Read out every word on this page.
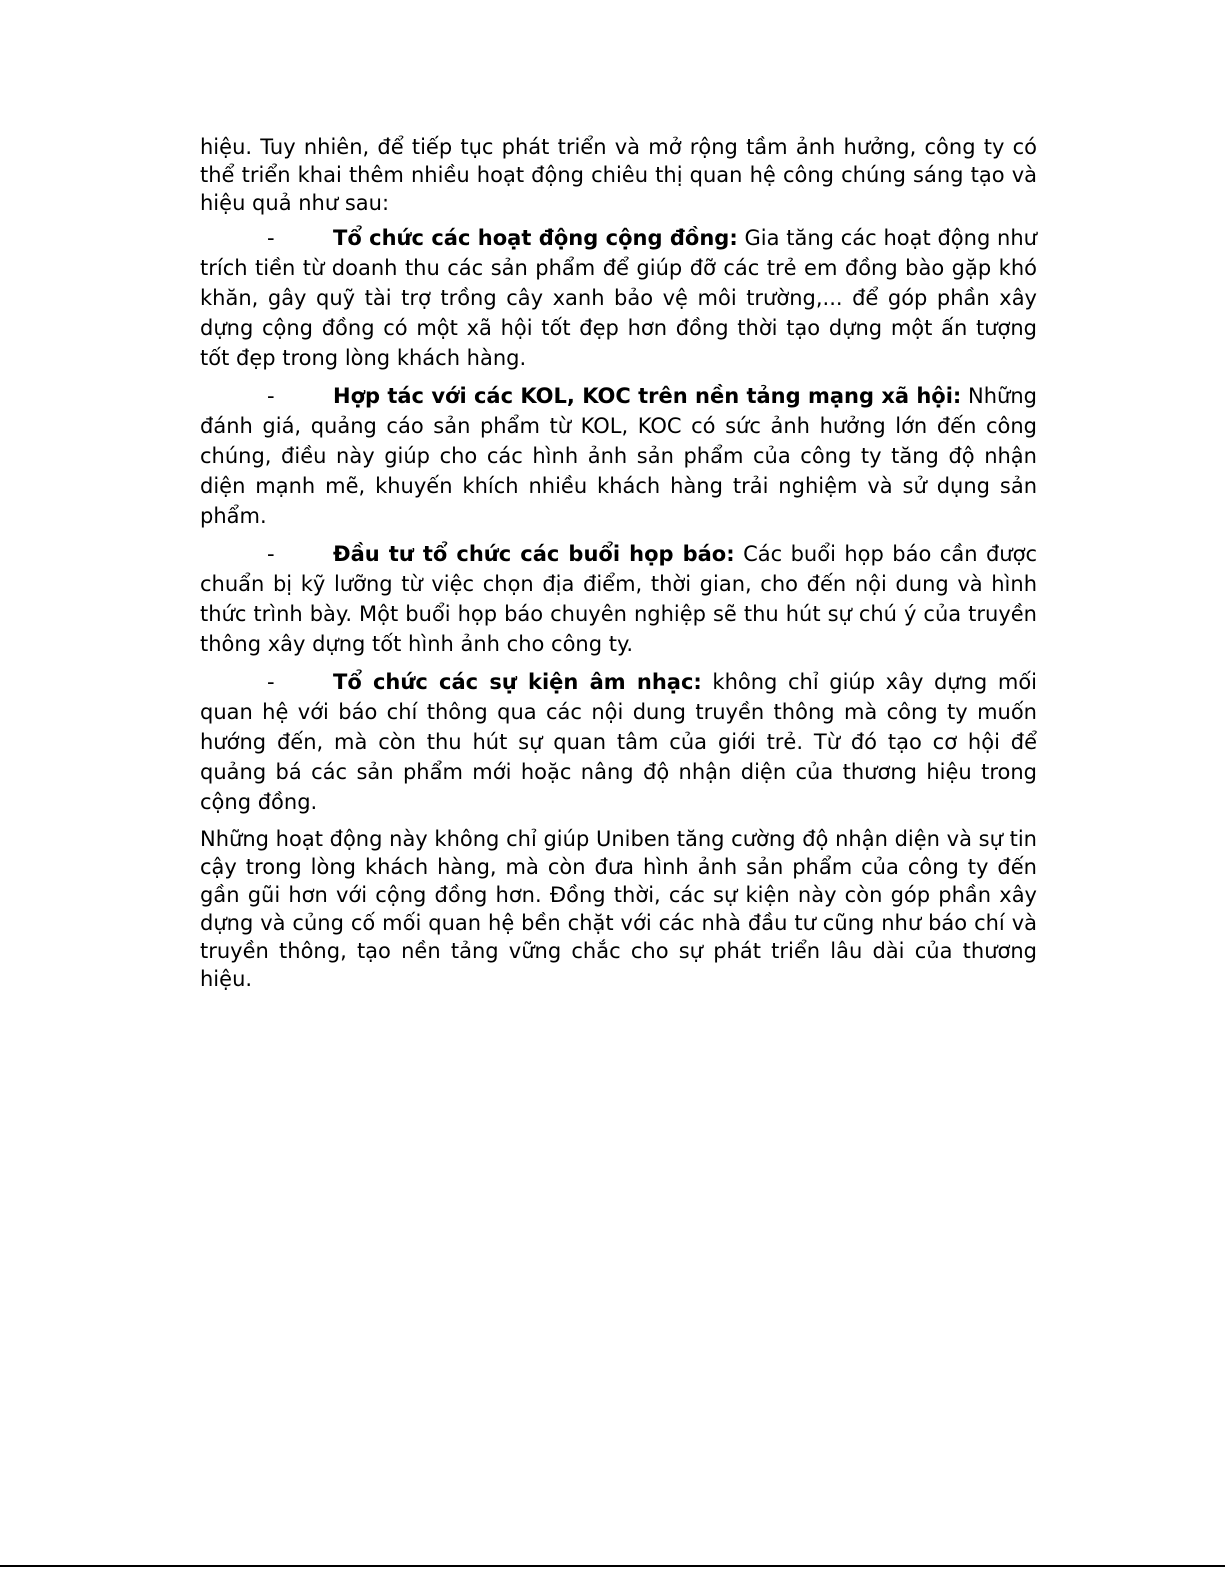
hiệu. Tuy nhiên, để tiếp tục phát triển và mở rộng tầm ảnh hưởng, công ty có thể triển khai thêm nhiều hoạt động chiêu thị quan hệ công chúng sáng tạo và hiệu quả như sau:

-	Tổ chức các hoạt động cộng đồng: Gia tăng các hoạt động như trích tiền từ doanh thu các sản phẩm để giúp đỡ các trẻ em đồng bào gặp khó khăn, gây quỹ tài trợ trồng cây xanh bảo vệ môi trường,... để góp phần xây dựng cộng đồng có một xã hội tốt đẹp hơn đồng thời tạo dựng một ấn tượng tốt đẹp trong lòng khách hàng.

-	Hợp tác với các KOL, KOC trên nền tảng mạng xã hội: Những đánh giá, quảng cáo sản phẩm từ KOL, KOC có sức ảnh hưởng lớn đến công chúng, điều này giúp cho các hình ảnh sản phẩm của công ty tăng độ nhận diện mạnh mẽ, khuyến khích nhiều khách hàng trải nghiệm và sử dụng sản phẩm.

-	Đầu tư tổ chức các buổi họp báo: Các buổi họp báo cần được chuẩn bị kỹ lưỡng từ việc chọn địa điểm, thời gian, cho đến nội dung và hình thức trình bày. Một buổi họp báo chuyên nghiệp sẽ thu hút sự chú ý của truyền thông xây dựng tốt hình ảnh cho công ty.

-	Tổ chức các sự kiện âm nhạc: không chỉ giúp xây dựng mối quan hệ với báo chí thông qua các nội dung truyền thông mà công ty muốn hướng đến, mà còn thu hút sự quan tâm của giới trẻ. Từ đó tạo cơ hội để quảng bá các sản phẩm mới hoặc nâng độ nhận diện của thương hiệu trong cộng đồng.

Những hoạt động này không chỉ giúp Uniben tăng cường độ nhận diện và sự tin cậy trong lòng khách hàng, mà còn đưa hình ảnh sản phẩm của công ty đến gần gũi hơn với cộng đồng hơn. Đồng thời, các sự kiện này còn góp phần xây dựng và củng cố mối quan hệ bền chặt với các nhà đầu tư cũng như báo chí và truyền thông, tạo nền tảng vững chắc cho sự phát triển lâu dài của thương hiệu.
